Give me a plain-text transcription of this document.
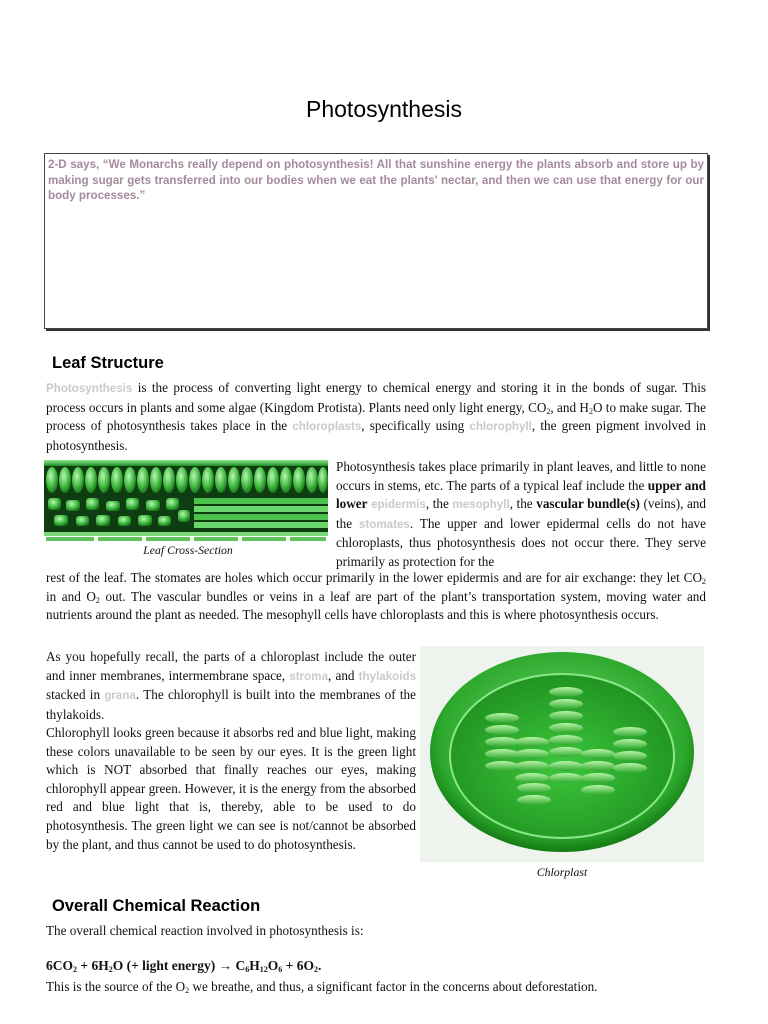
Photosynthesis

2-D says, “We Monarchs really depend on photosynthesis! All that sunshine energy the plants absorb and store up by making sugar gets transferred into our bodies when we eat the plants' nectar, and then we can use that energy for our body processes.”

Leaf Structure

Photosynthesis is the process of converting light energy to chemical energy and storing it in the bonds of sugar. This process occurs in plants and some algae (Kingdom Protista). Plants need only light energy, $CO_2$, and $H_2O$ to make sugar. The process of photosynthesis takes place in the chloroplasts, specifically using chlorophyll, the green pigment involved in photosynthesis.

Leaf Cross-Section

Photosynthesis takes place primarily in plant leaves, and little to none occurs in stems, etc. The parts of a typical leaf include the upper and lower epidermis, the mesophyll, the vascular bundle(s) (veins), and the stomates. The upper and lower epidermal cells do not have chloroplasts, thus photosynthesis does not occur there. They serve primarily as protection for the

rest of the leaf. The stomates are holes which occur primarily in the lower epidermis and are for air exchange: they let $CO_2$ in and $O_2$ out. The vascular bundles or veins in a leaf are part of the plant’s transportation system, moving water and nutrients around the plant as needed. The mesophyll cells have chloroplasts and this is where photosynthesis occurs.

As you hopefully recall, the parts of a chloroplast include the outer and inner membranes, intermembrane space, stroma, and thylakoids stacked in grana. The chlorophyll is built into the membranes of the thylakoids.

Chlorophyll looks green because it absorbs red and blue light, making these colors unavailable to be seen by our eyes. It is the green light which is NOT absorbed that finally reaches our eyes, making chlorophyll appear green. However, it is the energy from the absorbed red and blue light that is, thereby, able to be used to do photosynthesis. The green light we can see is not/cannot be absorbed by the plant, and thus cannot be used to do photosynthesis.

Chlorplast
Overall Chemical Reaction

The overall chemical reaction involved in photosynthesis is:

$6CO_2 + 6H_2O$ (+ light energy) → $C_6H_{12}O_6 + 6O_2$.

This is the source of the $O_2$ we breathe, and thus, a significant factor in the concerns about deforestation.
